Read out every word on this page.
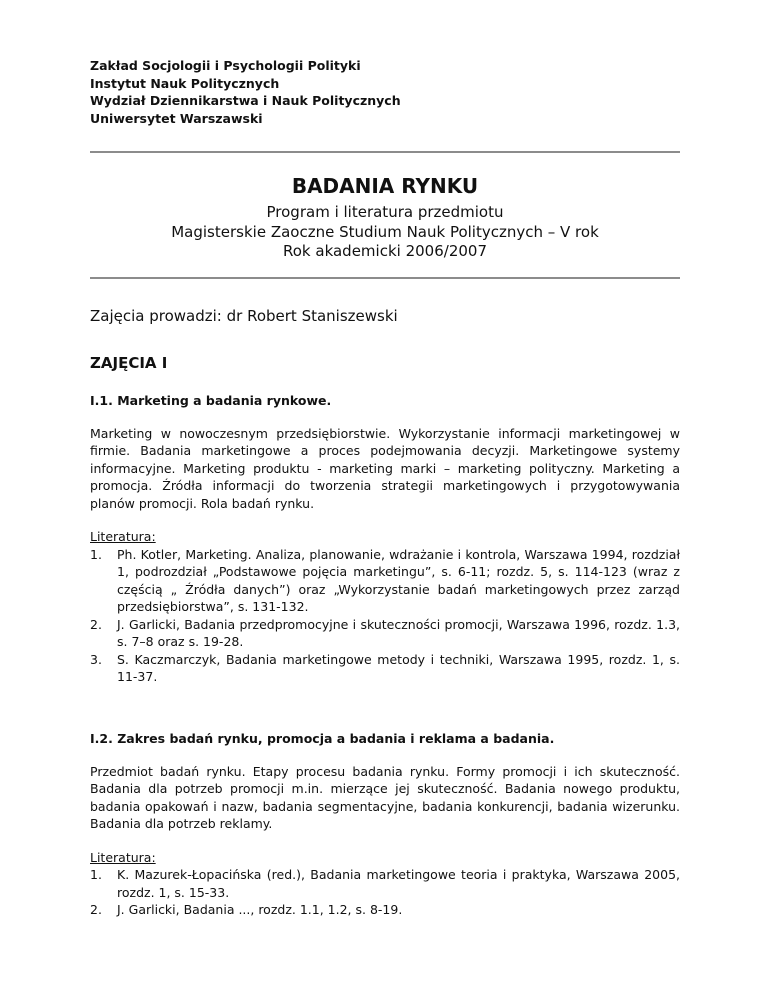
Zakład Socjologii i Psychologii Polityki
Instytut Nauk Politycznych
Wydział Dziennikarstwa i Nauk Politycznych
Uniwersytet Warszawski
BADANIA RYNKU

Program i literatura przedmiotu

Magisterskie Zaoczne Studium Nauk Politycznych – V rok

Rok akademicki 2006/2007

Zajęcia prowadzi: dr Robert Staniszewski

ZAJĘCIA I
I.1. Marketing a badania rynkowe.

Marketing w nowoczesnym przedsiębiorstwie. Wykorzystanie informacji marketingowej w firmie. Badania marketingowe a proces podejmowania decyzji. Marketingowe systemy informacyjne. Marketing produktu - marketing marki – marketing polityczny. Marketing a promocja. Źródła informacji do tworzenia strategii marketingowych i przygotowywania planów promocji. Rola badań rynku.

Literatura:

1. Ph. Kotler, Marketing. Analiza, planowanie, wdrażanie i kontrola, Warszawa 1994, rozdział 1, podrozdział „Podstawowe pojęcia marketingu”, s. 6-11; rozdz. 5, s. 114-123 (wraz z częścią „ Źródła danych”) oraz „Wykorzystanie badań marketingowych przez zarząd przedsiębiorstwa”, s. 131-132.
2. J. Garlicki, Badania przedpromocyjne i skuteczności promocji, Warszawa 1996, rozdz. 1.3, s. 7–8 oraz s. 19-28.
3. S. Kaczmarczyk, Badania marketingowe metody i techniki, Warszawa 1995, rozdz. 1, s. 11-37.
I.2. Zakres badań rynku, promocja a badania i reklama a badania.

Przedmiot badań rynku. Etapy procesu badania rynku. Formy promocji i ich skuteczność. Badania dla potrzeb promocji m.in. mierzące jej skuteczność. Badania nowego produktu, badania opakowań i nazw, badania segmentacyjne, badania konkurencji, badania wizerunku. Badania dla potrzeb reklamy.

Literatura:

1. K. Mazurek-Łopacińska (red.), Badania marketingowe teoria i praktyka, Warszawa 2005, rozdz. 1, s. 15-33.
2. J. Garlicki, Badania ..., rozdz. 1.1, 1.2, s. 8-19.
